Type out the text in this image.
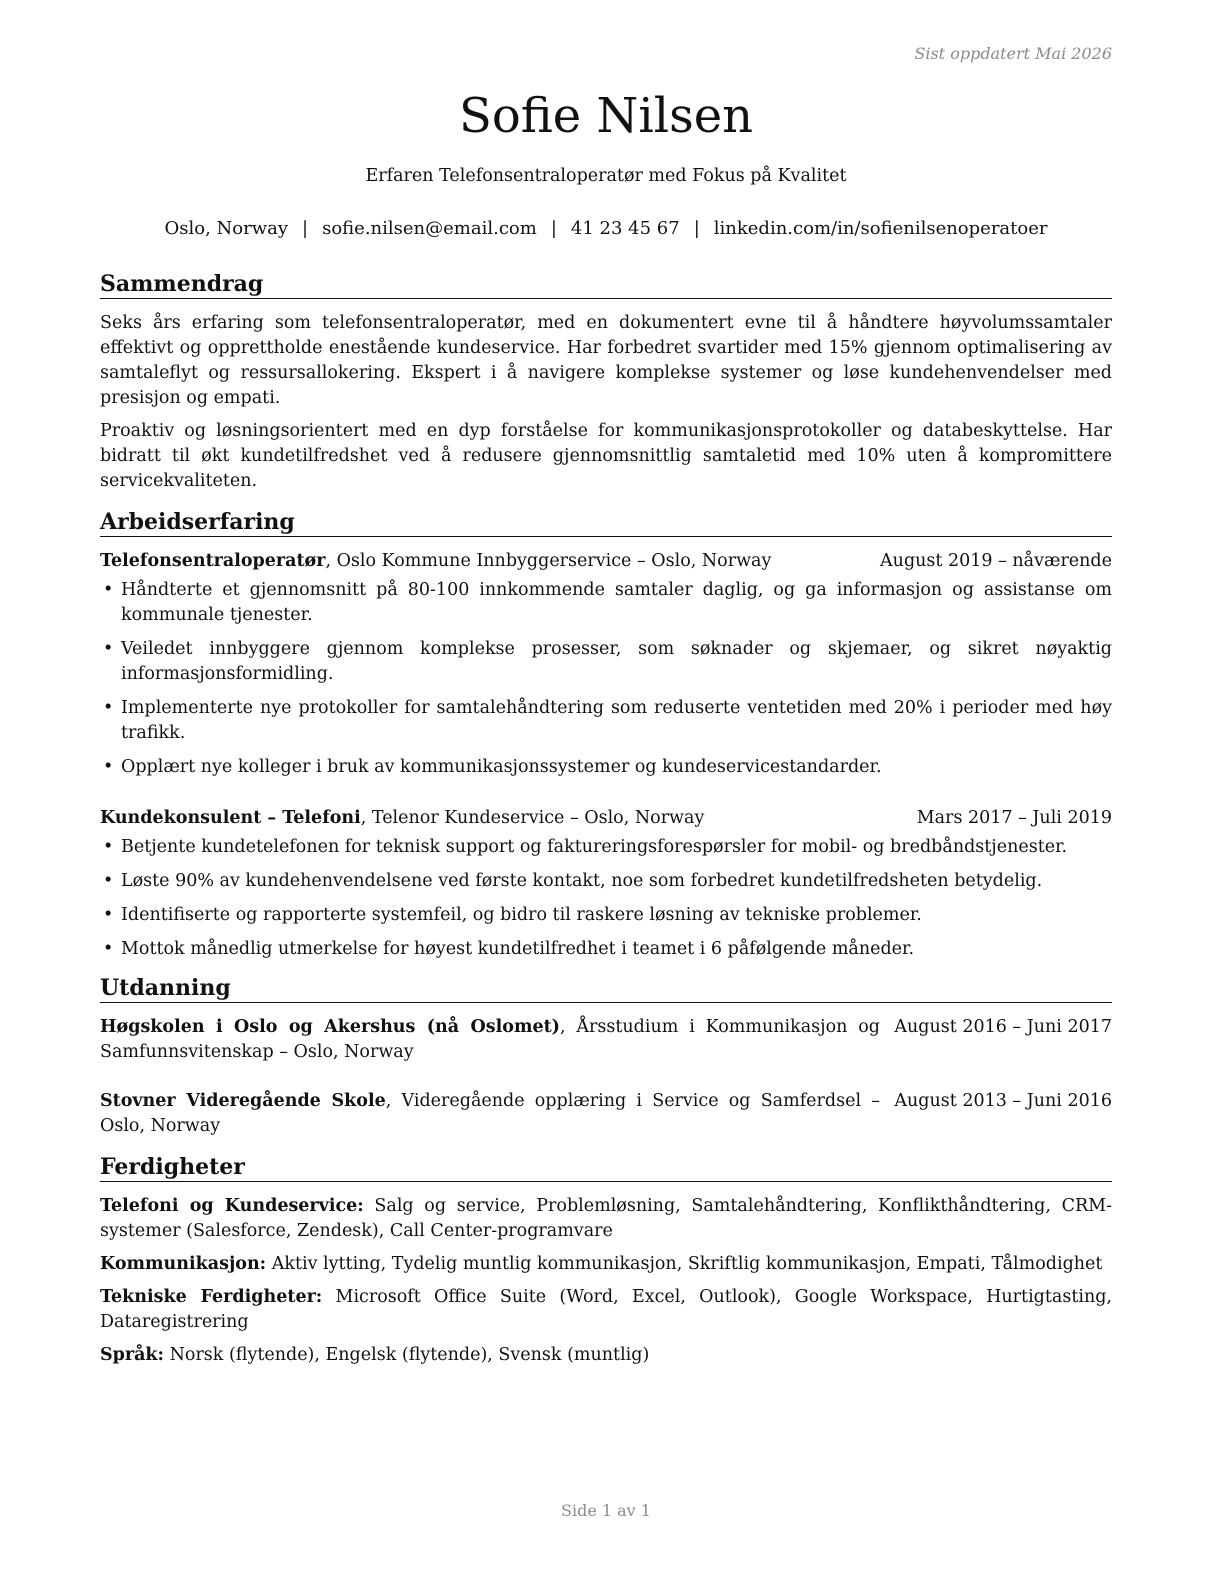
Sist oppdatert Mai 2026
Sofie Nilsen
Erfaren Telefonsentraloperatør med Fokus på Kvalitet
Oslo, Norway | sofie.nilsen@email.com | 41 23 45 67 | linkedin.com/in/sofienilsenoperatoer
Sammendrag

Seks års erfaring som telefonsentraloperatør, med en dokumentert evne til å håndtere høyvolumssamtaler effektivt og opprettholde enestående kundeservice. Har forbedret svartider med 15% gjennom optimalisering av samtaleflyt og ressursallokering. Ekspert i å navigere komplekse systemer og løse kundehenvendelser med presisjon og empati.

Proaktiv og løsningsorientert med en dyp forståelse for kommunikasjonsprotokoller og databeskyttelse. Har bidratt til økt kundetilfredshet ved å redusere gjennomsnittlig samtaletid med 10% uten å kompromittere servicekvaliteten.

Arbeidserfaring
Telefonsentraloperatør, Oslo Kommune Innbyggerservice – Oslo, Norway	August 2019 – nåværende
• Håndterte et gjennomsnitt på 80-100 innkommende samtaler daglig, og ga informasjon og assistanse om kommunale tjenester.
• Veiledet innbyggere gjennom komplekse prosesser, som søknader og skjemaer, og sikret nøyaktig informasjonsformidling.
• Implementerte nye protokoller for samtalehåndtering som reduserte ventetiden med 20% i perioder med høy trafikk.
• Opplært nye kolleger i bruk av kommunikasjonssystemer og kundeservicestandarder.
Kundekonsulent – Telefoni, Telenor Kundeservice – Oslo, Norway	Mars 2017 – Juli 2019
• Betjente kundetelefonen for teknisk support og faktureringsforespørsler for mobil- og bredbåndstjenester.
• Løste 90% av kundehenvendelsene ved første kontakt, noe som forbedret kundetilfredsheten betydelig.
• Identifiserte og rapporterte systemfeil, og bidro til raskere løsning av tekniske problemer.
• Mottok månedlig utmerkelse for høyest kundetilfredhet i teamet i 6 påfølgende måneder.
Utdanning
Høgskolen i Oslo og Akershus (nå Oslomet), Årsstudium i Kommunikasjon og Samfunnsvitenskap – Oslo, Norway
August 2016 – Juni 2017
Stovner Videregående Skole, Videregående opplæring i Service og Samferdsel – Oslo, Norway
August 2013 – Juni 2016
Ferdigheter
Telefoni og Kundeservice: Salg og service, Problemløsning, Samtalehåndtering, Konflikthåndtering, CRM-systemer (Salesforce, Zendesk), Call Center-programvare
Kommunikasjon: Aktiv lytting, Tydelig muntlig kommunikasjon, Skriftlig kommunikasjon, Empati, Tålmodighet
Tekniske Ferdigheter: Microsoft Office Suite (Word, Excel, Outlook), Google Workspace, Hurtigtasting, Dataregistrering
Språk: Norsk (flytende), Engelsk (flytende), Svensk (muntlig)
Side 1 av 1
